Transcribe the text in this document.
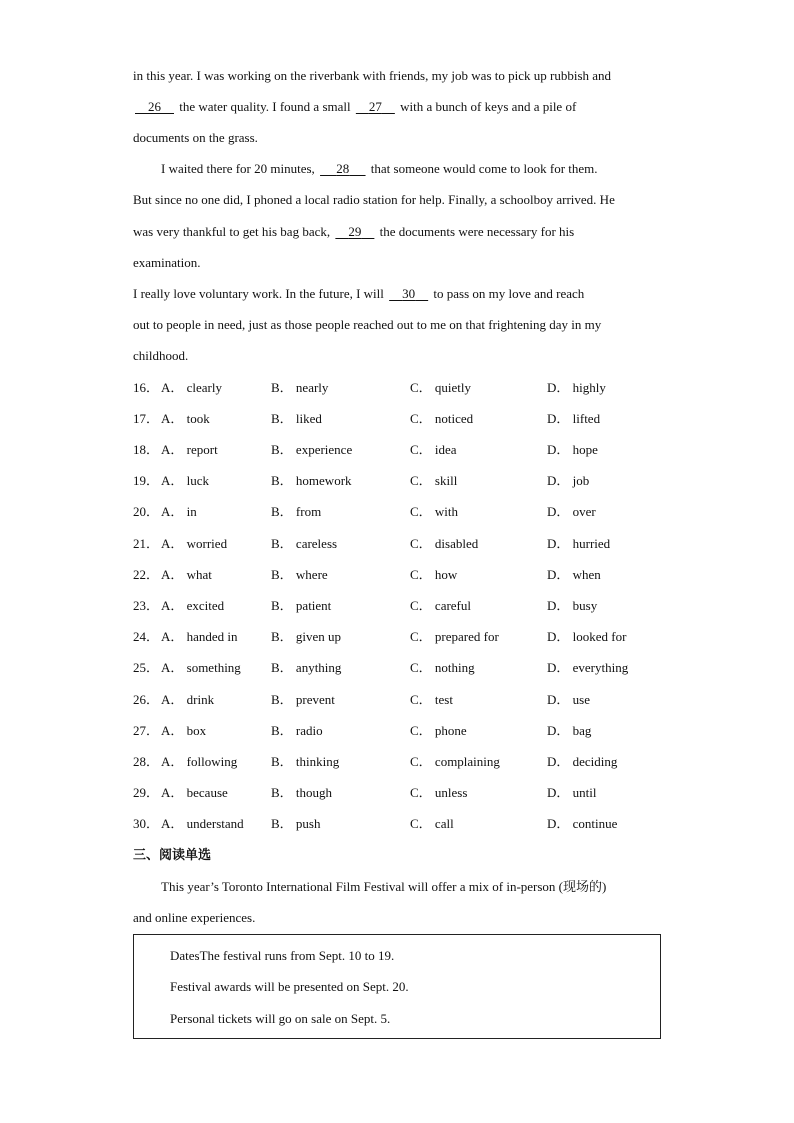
in this year. I was working on the riverbank with friends, my job was to pick up rubbish and
26     the water quality. I found a small     27     with a bunch of keys and a pile of
documents on the grass.
I waited there for 20 minutes,      28      that someone would come to look for them.
But since no one did, I phoned a local radio station for help. Finally, a schoolboy arrived. He
was very thankful to get his bag back,     29     the documents were necessary for his
examination.
I really love voluntary work. In the future, I will     30     to pass on my love and reach
out to people in need, just as those people reached out to me on that frightening day in my
childhood.
16． A． clearly	B． nearly	C． quietly	D． highly
17． A． took	B． liked	C． noticed	D． lifted
18． A． report	B． experience	C． idea	D． hope
19． A． luck	B． homework	C． skill	D． job
20． A． in	B． from	C． with	D． over
21． A． worried	B． careless	C． disabled	D． hurried
22． A． what	B． where	C． how	D． when
23． A． excited	B． patient	C． careful	D． busy
24． A． handed in	B． given up	C． prepared for	D． looked for
25． A． something B． anything	C． nothing	D． everything
26． A． drink	B． prevent	C． test	D． use
27． A． box	B． radio	C． phone	D． bag
28． A． following	B． thinking	C． complaining	D． deciding
29． A． because	B． though	C． unless	D． until
30． A． understand B． push	C． call	D． continue
三、阅读单选
This year’s Toronto International Film Festival will offer a mix of in-person (现场的)
and online experiences.
DatesThe festival runs from Sept. 10 to 19.
Festival awards will be presented on Sept. 20.
Personal tickets will go on sale on Sept. 5.
